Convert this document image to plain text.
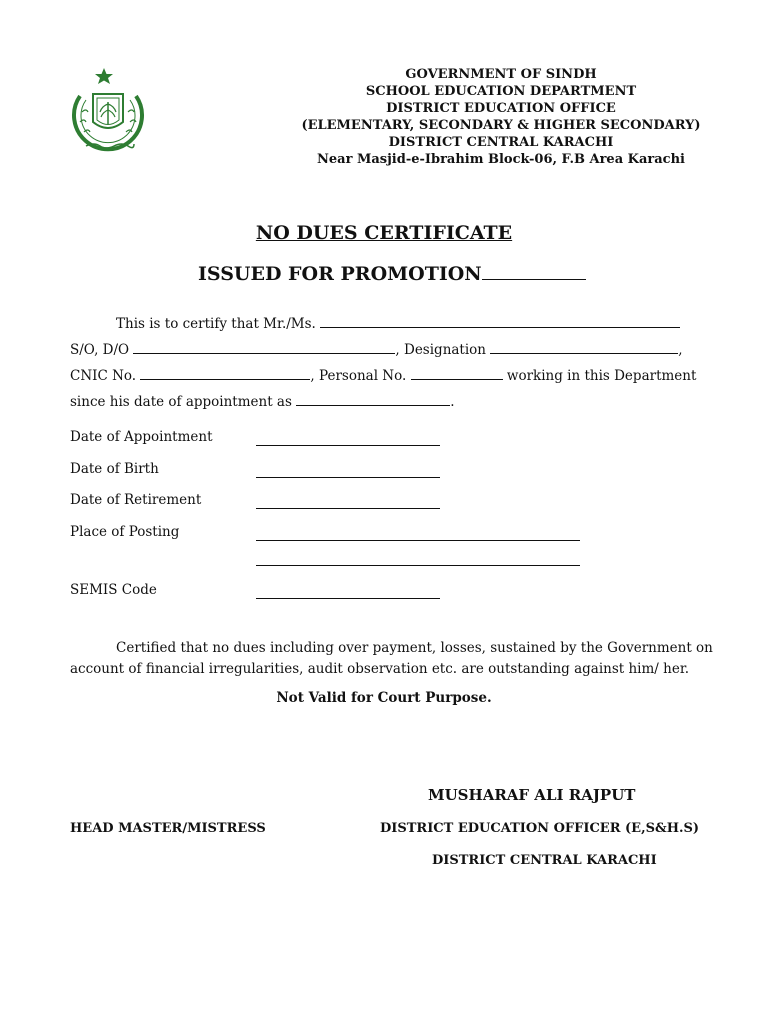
GOVERNMENT OF SINDH
SCHOOL EDUCATION DEPARTMENT
DISTRICT EDUCATION OFFICE
(ELEMENTARY, SECONDARY & HIGHER SECONDARY)
DISTRICT CENTRAL KARACHI
Near Masjid-e-Ibrahim Block-06, F.B Area Karachi
NO DUES CERTIFICATE
ISSUED FOR PROMOTION
This is to certify that Mr./Ms.
S/O, D/O	, Designation	,
CNIC No.	, Personal No.	working in this Department
since his date of appointment as	.
Date of Appointment
Date of Birth
Date of Retirement
Place of Posting
SEMIS Code
Certified that no dues including over payment, losses, sustained by the Government on
account of financial irregularities, audit observation etc. are outstanding against him/ her.
Not Valid for Court Purpose.
MUSHARAF ALI RAJPUT
HEAD MASTER/MISTRESS	DISTRICT EDUCATION OFFICER (E,S&H.S)
DISTRICT CENTRAL KARACHI
